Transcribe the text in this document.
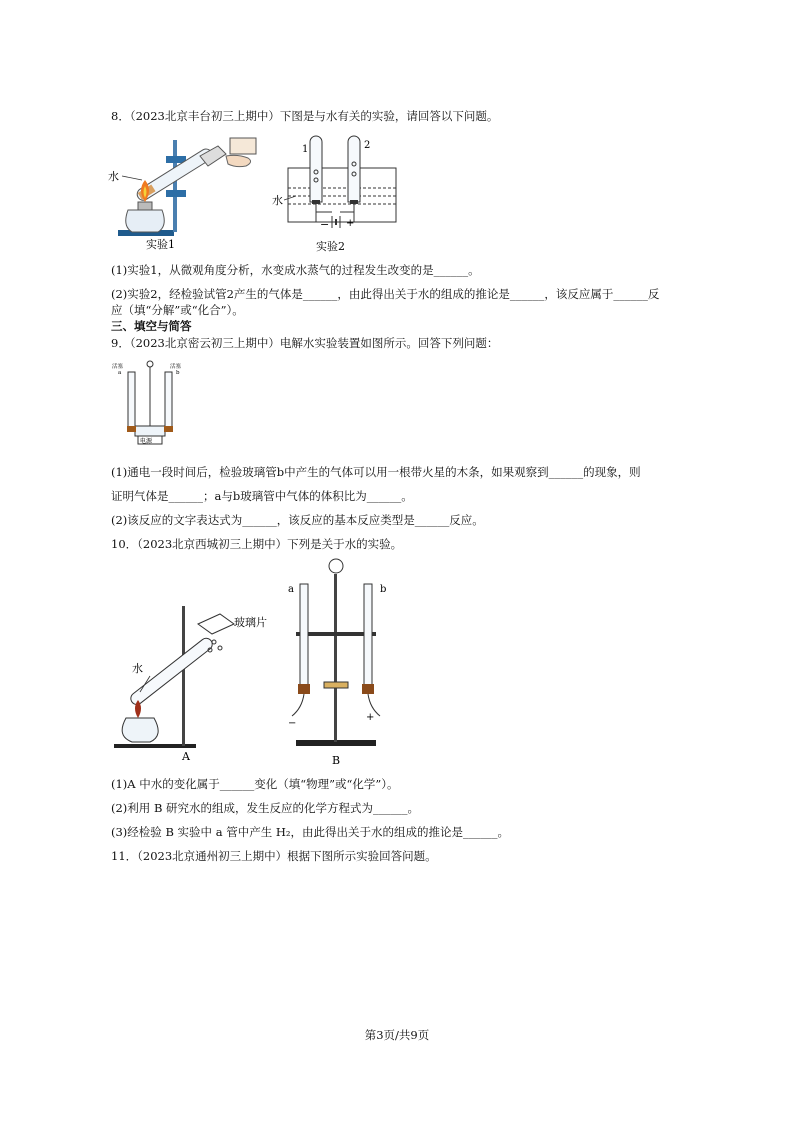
8．（2023北京丰台初三上期中）下图是与水有关的实验，请回答以下问题。
水
实验1
1	2
水
− +
实验2
(1)实验1，从微观角度分析，水变成水蒸气的过程发生改变的是______。
(2)实验2，经检验试管2产生的气体是______，由此得出关于水的组成的推论是______，该反应属于______反
应（填“分解”或“化合”）。
三、填空与简答
9．（2023北京密云初三上期中）电解水实验装置如图所示。回答下列问题：
电源
活塞
a
活塞
b
(1)通电一段时间后，检验玻璃管b中产生的气体可以用一根带火星的木条，如果观察到______的现象，则
证明气体是______；a与b玻璃管中气体的体积比为______。
(2)该反应的文字表达式为______，该反应的基本反应类型是______反应。
10．（2023北京西城初三上期中）下列是关于水的实验。
水
玻璃片
A
a	b
−
+
B
(1)A 中水的变化属于______变化（填“物理”或“化学”）。
(2)利用 B 研究水的组成，发生反应的化学方程式为______。
(3)经检验 B 实验中 a 管中产生 H₂，由此得出关于水的组成的推论是______。
11．（2023北京通州初三上期中）根据下图所示实验回答问题。
第3页/共9页
